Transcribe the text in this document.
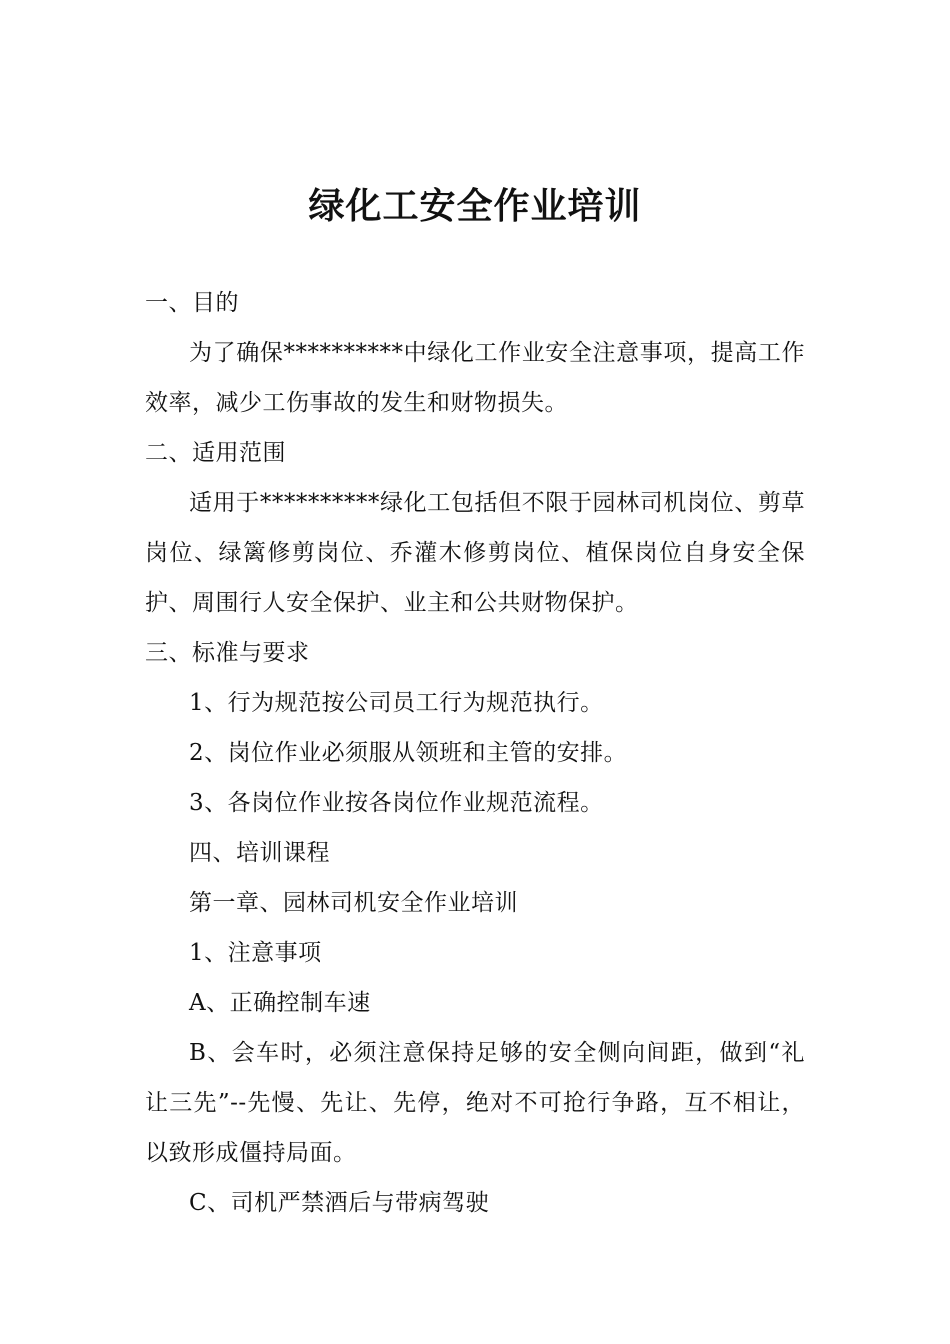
绿化工安全作业培训

一、目的

为了确保**********中绿化工作业安全注意事项，提高工作效率，减少工伤事故的发生和财物损失。

二、适用范围

适用于**********绿化工包括但不限于园林司机岗位、剪草岗位、绿篱修剪岗位、乔灌木修剪岗位、植保岗位自身安全保护、周围行人安全保护、业主和公共财物保护。

三、标准与要求

1、行为规范按公司员工行为规范执行。

2、岗位作业必须服从领班和主管的安排。

3、各岗位作业按各岗位作业规范流程。

四、培训课程

第一章、园林司机安全作业培训

1、注意事项

A、正确控制车速

B、会车时，必须注意保持足够的安全侧向间距，做到“礼让三先”--先慢、先让、先停，绝对不可抢行争路，互不相让，以致形成僵持局面。

C、司机严禁酒后与带病驾驶
